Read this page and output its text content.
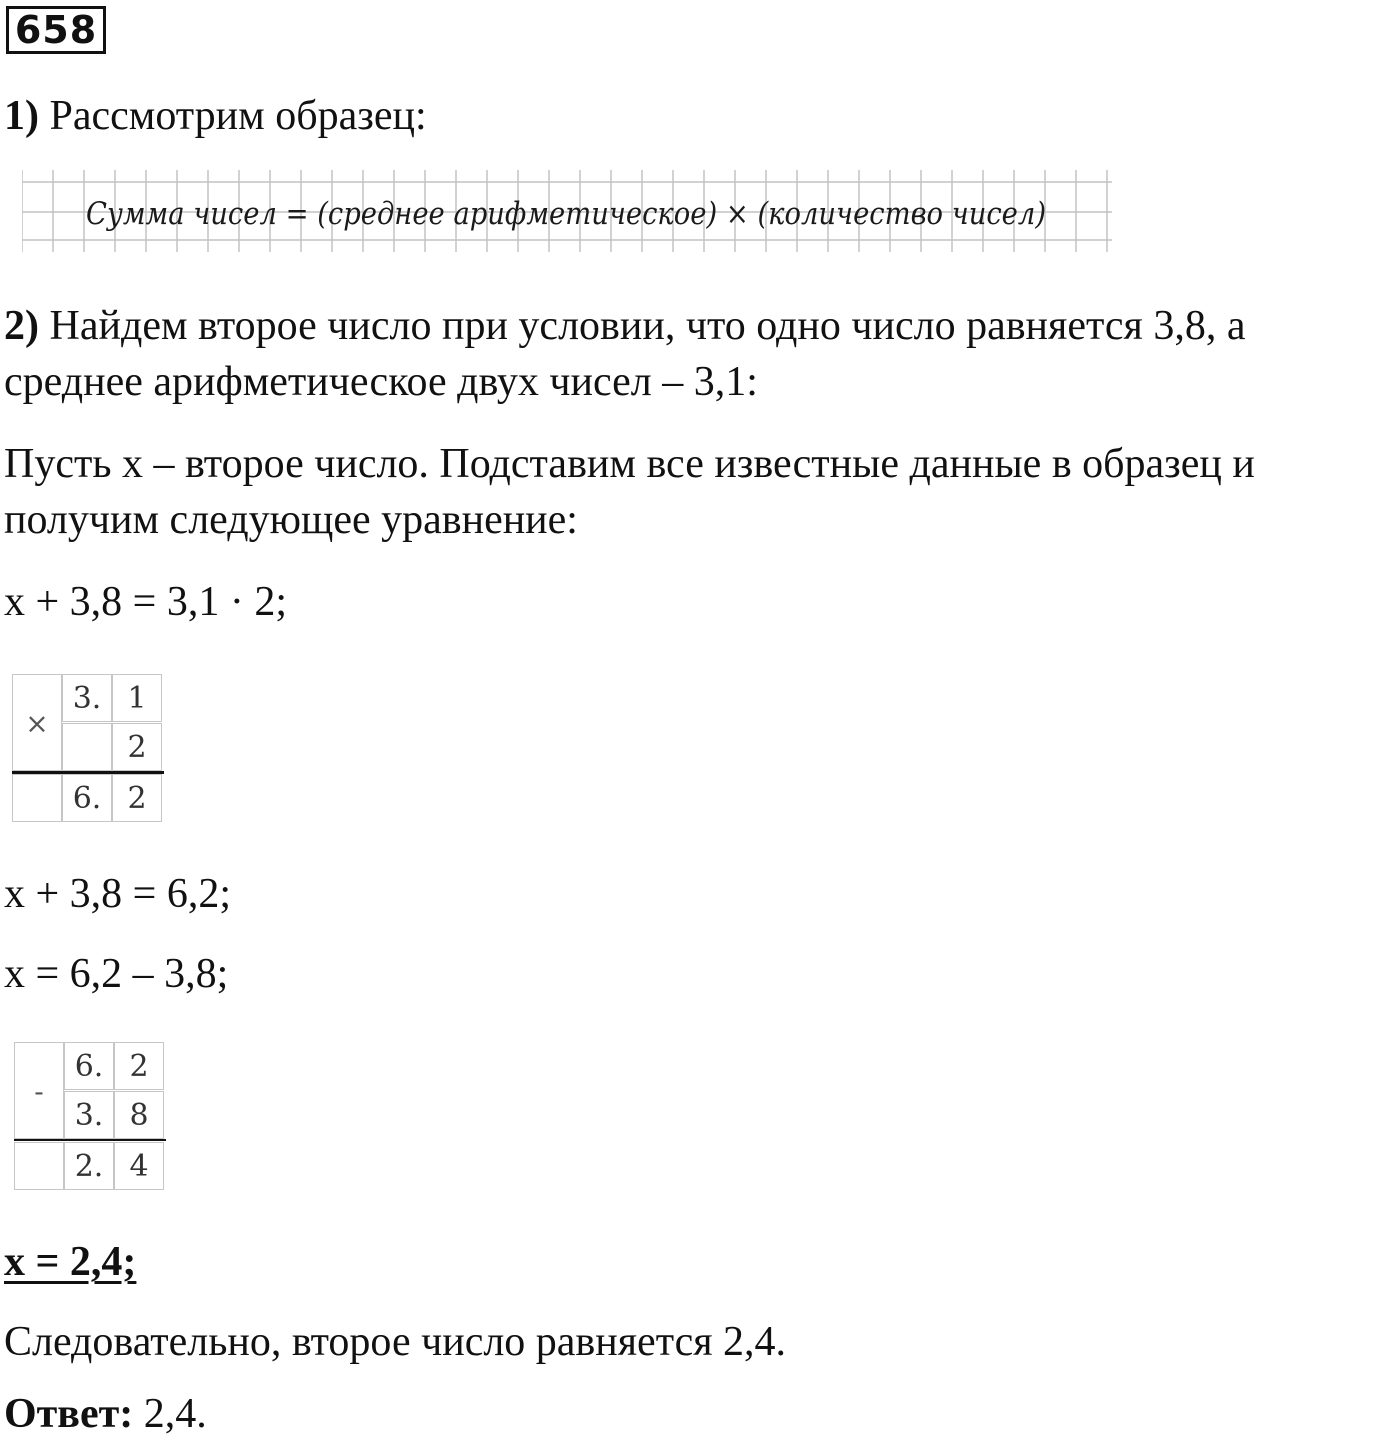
658
1) Рассмотрим образец:
Сумма чисел = (среднее арифметическое) × (количество чисел)
2) Найдем второе число при условии, что одно число равняется 3,8, а
среднее арифметическое двух чисел – 3,1:
Пусть x – второе число. Подставим все известные данные в образец и
получим следующее уравнение:
x + 3,8 = 3,1 · 2;
×
3. 1
2
6. 2
x + 3,8 = 6,2;
x = 6,2 – 3,8;
-
6. 2
3. 8
2. 4
x = 2,4;
Следовательно, второе число равняется 2,4.
Ответ: 2,4.
